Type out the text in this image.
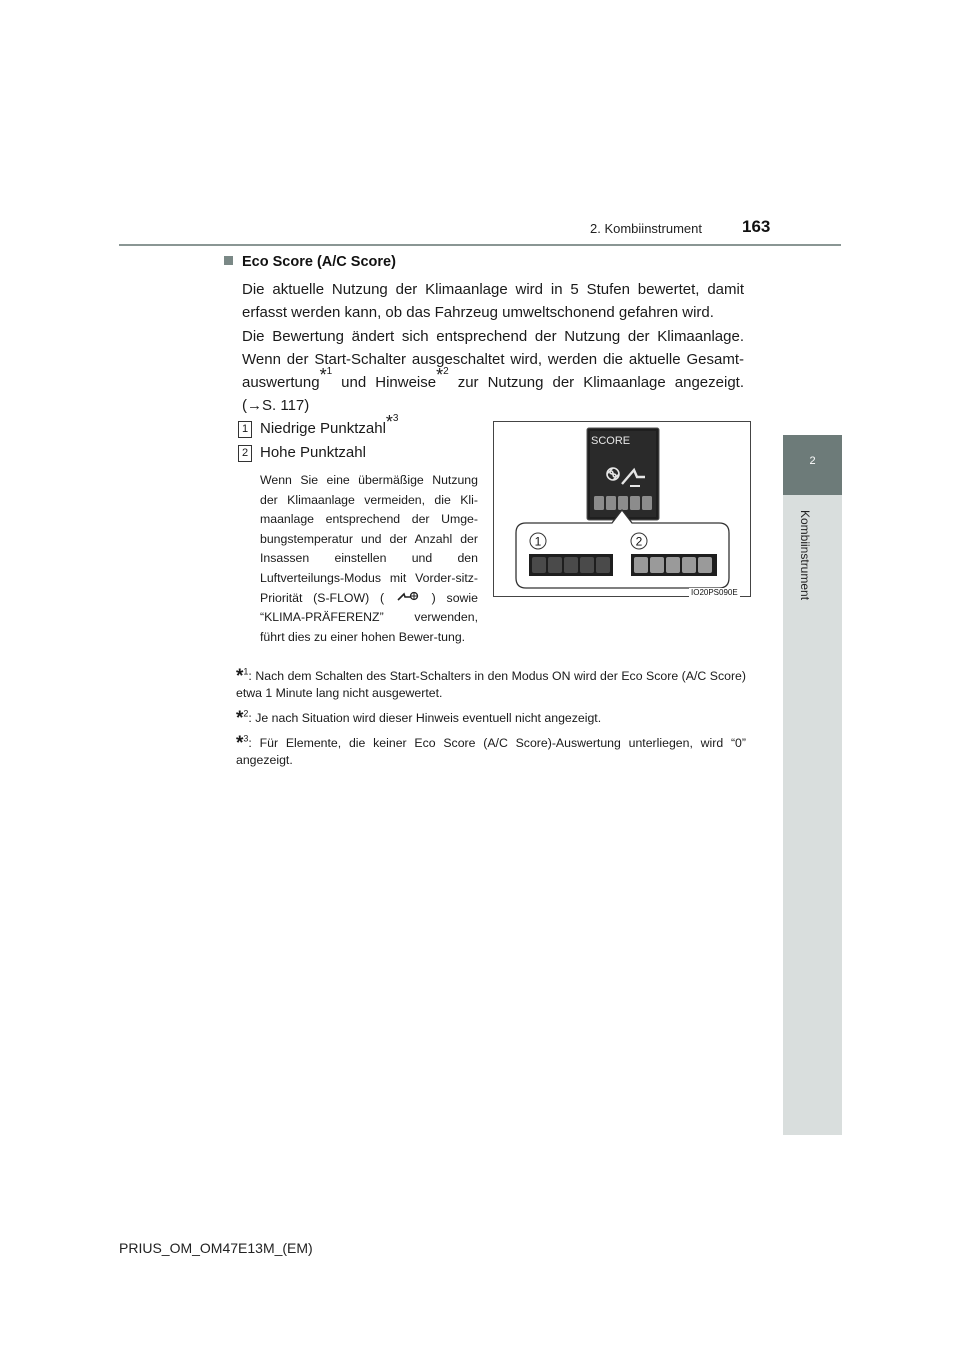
2. Kombiinstrument 163
2
Kombiinstrument
Eco Score (A/C Score)
Die aktuelle Nutzung der Klimaanlage wird in 5 Stufen bewertet, damit erfasst werden kann, ob das Fahrzeug umweltschonend gefahren wird.
Die Bewertung ändert sich entsprechend der Nutzung der Klimaanlage. Wenn der Start-Schalter ausgeschaltet wird, werden die aktuelle Gesamt-auswertung*$^1$ und Hinweise*$^2$ zur Nutzung der Klimaanlage angezeigt. (→S. 117)
1 Niedrige Punktzahl*$^3$
2 Hohe Punktzahl
Wenn Sie eine übermäßige Nutzung der Klimaanlage vermeiden, die Kli-maanlage entsprechend der Umge-bungstemperatur und der Anzahl der Insassen einstellen und den Luftverteilungs-Modus mit Vorder-sitz-Priorität (S-FLOW) (	) sowie “KLIMA-PRÄFERENZ” verwenden, führt dies zu einer hohen Bewer-tung.
SCORE
1	2
IO20PS090E
*$^1$: Nach dem Schalten des Start-Schalters in den Modus ON wird der Eco Score (A/C Score) etwa 1 Minute lang nicht ausgewertet.
*$^2$: Je nach Situation wird dieser Hinweis eventuell nicht angezeigt.
*$^3$: Für Elemente, die keiner Eco Score (A/C Score)-Auswertung unterliegen, wird “0” angezeigt.
PRIUS_OM_OM47E13M_(EM)
